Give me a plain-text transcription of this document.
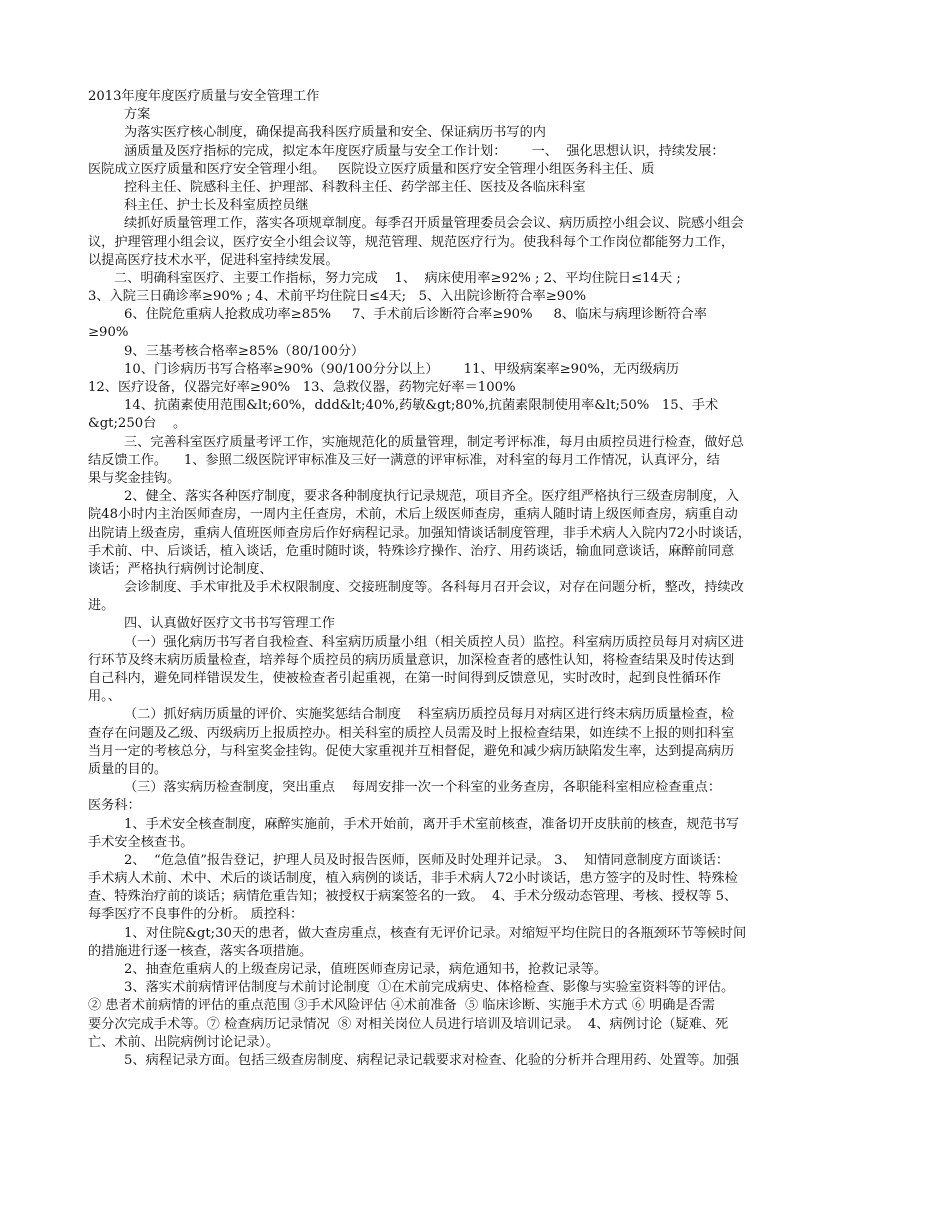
2013年度年度医疗质量与安全管理工作
方案
为落实医疗核心制度，确保提高我科医疗质量和安全、保证病历书写的内
涵质量及医疗指标的完成，拟定本年度医疗质量与安全工作计划：      一、  强化思想认识，持续发展：
医院成立医疗质量和医疗安全管理小组。   医院设立医疗质量和医疗安全管理小组医务科主任、质
控科主任、院感科主任、护理部、科教科主任、药学部主任、医技及各临床科室
科主任、护士长及科室质控员继
续抓好质量管理工作，落实各项规章制度。每季召开质量管理委员会会议、病历质控小组会议、院感小组会
议，护理管理小组会议，医疗安全小组会议等，规范管理、规范医疗行为。使我科每个工作岗位都能努力工作，
以提高医疗技术水平，促进科室持续发展。
二、明确科室医疗、主要工作指标，努力完成    1、  病床使用率≥92% ; 2、平均住院日≤14天 ;
3、入院三日确诊率≥90% ; 4、术前平均住院日≤4天;   5、入出院诊断符合率≥90%
6、住院危重病人抢救成功率≥85%     7、手术前后诊断符合率≥90%     8、临床与病理诊断符合率
≥90%
9、三基考核合格率≥85%（80/100分）
10、门诊病历书写合格率≥90%（90/100分分以上）      11、甲级病案率≥90%，无丙级病历
12、医疗设备，仪器完好率≥90%   13、急救仪器，药物完好率＝100%
14、抗菌素使用范围&lt;60%，ddd&lt;40%,药敏&gt;80%,抗菌素限制使用率&lt;50%   15、手术
&gt;250台    。
三、完善科室医疗质量考评工作，实施规范化的质量管理，制定考评标准，每月由质控员进行检查，做好总
结反馈工作。    1、参照二级医院评审标准及三好一满意的评审标准，对科室的每月工作情况，认真评分，结
果与奖金挂钩。
2、健全、落实各种医疗制度，要求各种制度执行记录规范，项目齐全。医疗组严格执行三级查房制度，入
院48小时内主治医师查房，一周内主任查房，术前，术后上级医师查房，重病人随时请上级医师查房，病重自动
出院请上级查房，重病人值班医师查房后作好病程记录。加强知情谈话制度管理，非手术病人入院内72小时谈话，
手术前、中、后谈话，植入谈话，危重时随时谈，特殊诊疗操作、治疗、用药谈话，输血同意谈话，麻醉前同意
谈话；严格执行病例讨论制度、
会诊制度、手术审批及手术权限制度、交接班制度等。各科每月召开会议，对存在问题分析，整改，持续改
进。
四、认真做好医疗文书书写管理工作
（一）强化病历书写者自我检查、科室病历质量小组（相关质控人员）监控。科室病历质控员每月对病区进
行环节及终末病历质量检查，培养每个质控员的病历质量意识，加深检查者的感性认知，将检查结果及时传达到
自己科内，避免同样错误发生，使被检查者引起重视，在第一时间得到反馈意见，实时改时，起到良性循环作
用。、
（二）抓好病历质量的评价、实施奖惩结合制度    科室病历质控员每月对病区进行终末病历质量检查，检
查存在问题及乙级、丙级病历上报质控办。相关科室的质控人员需及时上报检查结果，如连续不上报的则扣科室
当月一定的考核总分，与科室奖金挂钩。促使大家重视并互相督促，避免和减少病历缺陷发生率，达到提高病历
质量的目的。
（三）落实病历检查制度，突出重点    每周安排一次一个科室的业务查房，各职能科室相应检查重点：
医务科：
1、手术安全核查制度，麻醉实施前，手术开始前，离开手术室前核查，准备切开皮肤前的核查，规范书写
手术安全核查书。
2、  “危急值”报告登记，护理人员及时报告医师，医师及时处理并记录。 3、  知情同意制度方面谈话：
手术病人术前、术中、术后的谈话制度，植入病例的谈话，非手术病人72小时谈话，患方签字的及时性、特殊检
查、特殊治疗前的谈话；病情危重告知；被授权于病案签名的一致。  4、手术分级动态管理、考核、授权等 5、
每季医疗不良事件的分析。 质控科：
1、对住院&gt;30天的患者，做大查房重点，核查有无评价记录。对缩短平均住院日的各瓶颈环节等候时间
的措施进行逐一核查，落实各项措施。
2、抽查危重病人的上级查房记录，值班医师查房记录，病危通知书，抢救记录等。
3、落实术前病情评估制度与术前讨论制度  ①在术前完成病史、体格检查、影像与实验室资料等的评估。
② 患者术前病情的评估的重点范围 ③手术风险评估 ④术前准备  ⑤ 临床诊断、实施手术方式 ⑥ 明确是否需
要分次完成手术等。⑦ 检查病历记录情况  ⑧ 对相关岗位人员进行培训及培训记录。  4、病例讨论（疑难、死
亡、术前、出院病例讨论记录）。
5、病程记录方面。包括三级查房制度、病程记录记载要求对检查、化验的分析并合理用药、处置等。加强
